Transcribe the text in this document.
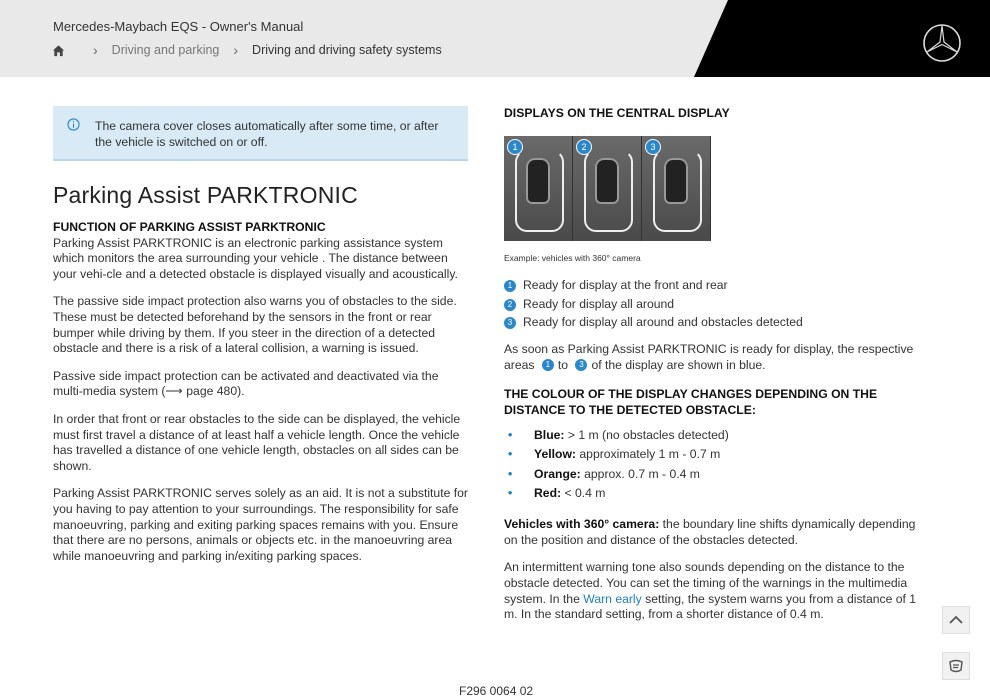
Mercedes-Maybach EQS - Owner's Manual
› Driving and parking › Driving and driving safety systems
The camera cover closes automatically after some time, or after the vehicle is switched on or off.
Parking Assist PARKTRONIC
FUNCTION OF PARKING ASSIST PARKTRONIC

Parking Assist PARKTRONIC is an electronic parking assistance system which monitors the area surrounding your vehicle . The distance between your vehi-cle and a detected obstacle is displayed visually and acoustically.

The passive side impact protection also warns you of obstacles to the side. These must be detected beforehand by the sensors in the front or rear bumper while driving by them. If you steer in the direction of a detected obstacle and there is a risk of a lateral collision, a warning is issued.

Passive side impact protection can be activated and deactivated via the multi-media system (⟶ page 480).

In order that front or rear obstacles to the side can be displayed, the vehicle must first travel a distance of at least half a vehicle length. Once the vehicle has travelled a distance of one vehicle length, obstacles on all sides can be shown.

Parking Assist PARKTRONIC serves solely as an aid. It is not a substitute for you having to pay attention to your surroundings. The responsibility for safe manoeuvring, parking and exiting parking spaces remains with you. Ensure that there are no persons, animals or objects etc. in the manoeuvring area while manoeuvring and parking in/exiting parking spaces.

DISPLAYS ON THE CENTRAL DISPLAY
1	2	3
Example: vehicles with 360° camera
1 Ready for display at the front and rear
2 Ready for display all around
3 Ready for display all around and obstacles detected
As soon as Parking Assist PARKTRONIC is ready for display, the respective areas 1 to 3 of the display are shown in blue.
THE COLOUR OF THE DISPLAY CHANGES DEPENDING ON THE DISTANCE TO THE DETECTED OBSTACLE:
• Blue: > 1 m (no obstacles detected)
• Yellow: approximately 1 m - 0.7 m
• Orange: approx. 0.7 m - 0.4 m
• Red: < 0.4 m
Vehicles with 360° camera: the boundary line shifts dynamically depending on the position and distance of the obstacles detected.
An intermittent warning tone also sounds depending on the distance to the obstacle detected. You can set the timing of the warnings in the multimedia system. In the Warn early setting, the system warns you from a distance of 1 m. In the standard setting, from a shorter distance of 0.4 m.
F296 0064 02
